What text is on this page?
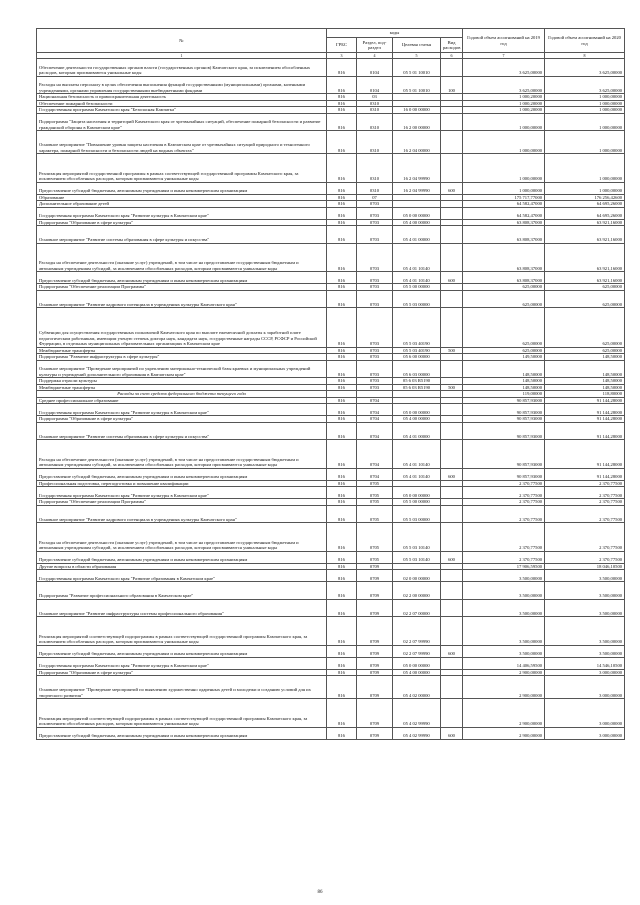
№	коды				Годовой объем ассигнований на 2019 год	Годовой объем ассигнований на 2020 год
	ГРБС	Раздел, под-раздел	Целевая статья	Вид расходов		
1	3	4	5	6	7	8
Обеспечение деятельности государственных органов власти (государственных органов) Камчатского края, за исключением обособленных расходов, которым присваиваются уникальные коды	816	0104	05 5 01 10010		3 625,00000	3 625,00000
Расходы на выплаты персоналу в целях обеспечения выполнения функций государственными (муниципальными) органами, казенными учреждениями, органами управления государственными внебюджетными фондами	816	0104	05 5 01 10010	100	3 625,00000	3 625,00000
Национальная безопасность и правоохранительная деятельность	816	03			1 000,20000	1 000,00000
Обеспечение пожарной безопасности	816	0310			1 000,20000	1 000,00000
Государственная программа Камчатского края "Безопасная Камчатка"	816	0310	16 0 00 00000		1 000,20000	1 000,00000
Подпрограмма "Защита населения и территорий Камчатского края от чрезвычайных ситуаций, обеспечение пожарной безопасности и развитие гражданской обороны в Камчатском крае"	816	0310	16 2 00 00000		1 000,00000	1 000,00000
Основное мероприятие "Повышение уровня защиты населения в Камчатском крае от чрезвычайных ситуаций природного и техногенного характера, пожарной безопасности и безопасности людей на водных объектах"	816	0310	16 2 04 00000		1 000,00000	1 000,00000
Реализация мероприятий государственной программы в рамках соответствующей государственной программы Камчатского края, за исключением обособленных расходов, которым присваиваются уникальные коды	816	0310	16 2 04 99990		1 000,00000	1 000,00000
Предоставление субсидий бюджетным, автономным учреждениям и иным некоммерческим организациям	816	0310	16 2 04 99990	600	1 000,00000	1 000,00000
Образование	816	07			175 717,77000	176 256,42600
Дополнительное образование детей	816	0703			64 582,47000	64 695,26000
Государственная программа Камчатского края "Развитие культуры в Камчатском крае"	816	0703	05 0 00 00000		64 582,47000	64 695,26000
Подпрограмма "Образование в сфере культуры"	816	0703	05 4 00 00000		63 808,37000	63 921,16000
Основное мероприятие "Развитие системы образования в сфере культуры и искусства"	816	0703	05 4 01 00000		63 808,37000	63 921,16000
Расходы на обеспечение деятельности (оказание услуг) учреждений, в том числе на предоставление государственным бюджетным и автономным учреждениям субсидий, за исключением обособленных расходов, которым присваиваются уникальные коды	816	0703	05 4 01 10140		63 808,37000	63 921,16000
Предоставление субсидий бюджетным, автономным учреждениям и иным некоммерческим организациям	816	0703	05 4 01 10140	600	63 808,37000	63 921,16000
Подпрограмма "Обеспечение реализации Программы"	816	0703	05 5 00 00000		625,00000	625,00000
Основное мероприятие "Развитие кадрового потенциала в учреждениях культуры Камчатского края"	816	0703	05 5 03 00000		625,00000	625,00000
Субвенции для осуществления государственных полномочий Камчатского края по выплате ежемесячной доплаты к заработной плате педагогическим работникам, имеющим ученую степень доктора наук, кандидата наук, государственные награды СССР, РСФСР и Российской Федерации, в отдельных муниципальных образовательных организациях в Камчатском крае	816	0703	05 5 03 40190		625,00000	625,00000
Межбюджетные трансферты	816	0703	05 5 03 40190	500	625,00000	625,00000
Подпрограмма "Развитие инфраструктуры в сфере культуры"	816	0703	05 6 00 00000		149,50000	148,50000
Основное мероприятие "Проведение мероприятий по укреплению материально-технической базы краевых и муниципальных учреждений культуры и учреждений дополнительного образования в Камчатском крае"	816	0703	05 6 03 00000		148,50000	148,50000
Поддержка отрасли культуры	816	0703	05 6 03 R5190		148,50000	148,50000
Межбюджетные трансферты	816	0703	05 6 03 R5190	500	148,50000	148,50000
Расходы за счет средств федерального бюджета текущего года					119,00000	118,80000
Среднее профессиональное образование	816	0704			90 857,93000	91 144,28000
Государственная программа Камчатского края "Развитие культуры в Камчатском крае"	816	0704	05 0 00 00000		90 857,93000	91 144,28000
Подпрограмма "Образование в сфере культуры"	816	0704	05 4 00 00000		90 857,93000	91 144,28000
Основное мероприятие "Развитие системы образования в сфере культуры и искусства"	816	0704	05 4 01 00000		90 857,93000	91 144,28000
Расходы на обеспечение деятельности (оказание услуг) учреждений, в том числе на предоставление государственным бюджетным и автономным учреждениям субсидий, за исключением обособленных расходов, которым присваиваются уникальные коды	816	0704	05 4 01 10140		90 857,93000	91 144,28000
Предоставление субсидий бюджетным, автономным учреждениям и иным некоммерческим организациям	816	0704	05 4 01 10140	600	90 857,93000	91 144,28000
Профессиональная подготовка, переподготовка и повышение квалификации	816	0705			2 370,77500	2 370,77500
Государственная программа Камчатского края "Развитие культуры в Камчатском крае"	816	0705	05 0 00 00000		2 370,77500	2 370,77500
Подпрограмма "Обеспечение реализации Программы"	816	0705	05 5 00 00000		2 370,77500	2 370,77500
Основное мероприятие "Развитие кадрового потенциала в учреждениях культуры Камчатского края"	816	0705	05 5 03 00000		2 370,77500	2 370,77500
Расходы на обеспечение деятельности (оказание услуг) учреждений, в том числе на предоставление государственным бюджетным и автономным учреждениям субсидий, за исключением обособленных расходов, которым присваиваются уникальные коды	816	0705	05 5 03 10140		2 370,77500	2 370,77500
Предоставление субсидий бюджетным, автономным учреждениям и иным некоммерческим организациям	816	0705	05 5 03 10140	600	2 370,77500	2 370,77500
Другие вопросы в области образования	816	0709			17 906,59500	18 046,10500
Государственная программа Камчатского края "Развитие образования в Камчатском крае"	816	0709	02 0 00 00000		3 500,00000	3 500,00000
Подпрограмма "Развитие профессионального образования в Камчатском крае"	816	0709	02 2 00 00000		3 500,00000	3 500,00000
Основное мероприятие "Развитие инфраструктуры системы профессионального образования"	816	0709	02 2 07 00000		3 500,00000	3 500,00000
Реализация мероприятий соответствующей подпрограммы в рамках соответствующей государственной программы Камчатского края, за исключением обособленных расходов, которым присваиваются уникальные коды	816	0709	02 2 07 99990		3 500,00000	3 500,00000
Предоставление субсидий бюджетным, автономным учреждениям и иным некоммерческим организациям	816	0709	02 2 07 99990	600	3 500,00000	3 500,00000
Государственная программа Камчатского края "Развитие культуры в Камчатском крае"	816	0709	05 0 00 00000		14 406,59500	14 546,10500
Подпрограмма "Образование в сфере культуры"	816	0709	05 4 00 00000		2 900,00000	3 000,00000
Основное мероприятие "Проведение мероприятий по выявлению художественно одаренных детей и молодежи и созданию условий для их творческого развития"	816	0709	05 4 02 00000		2 900,00000	3 000,00000
Реализация мероприятий соответствующей подпрограммы в рамках соответствующей государственной программы Камчатского края, за исключением обособленных расходов, которым присваиваются уникальные коды	816	0709	05 4 02 99990		2 900,00000	3 000,00000
Предоставление субсидий бюджетным, автономным учреждениям и иным некоммерческим организациям	816	0709	05 4 02 99990	600	2 900,00000	3 000,00000
86
